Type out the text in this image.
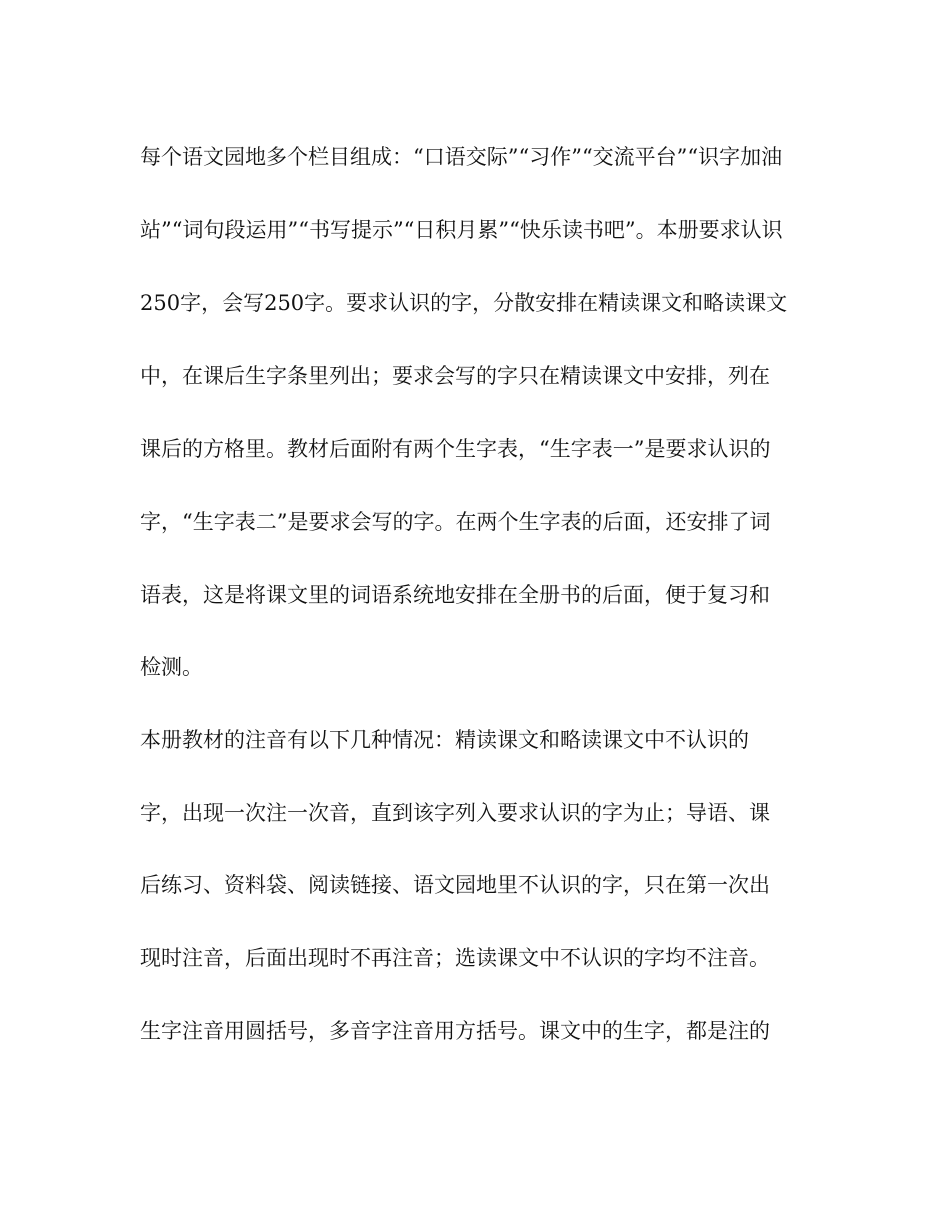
每个语文园地多个栏目组成：“口语交际”“习作”“交流平台”“识字加油
站”“词句段运用”“书写提示”“日积月累”“快乐读书吧”。本册要求认识
250字，会写250字。要求认识的字，分散安排在精读课文和略读课文
中，在课后生字条里列出；要求会写的字只在精读课文中安排，列在
课后的方格里。教材后面附有两个生字表，“生字表一”是要求认识的
字，“生字表二”是要求会写的字。在两个生字表的后面，还安排了词
语表，这是将课文里的词语系统地安排在全册书的后面，便于复习和
检测。
本册教材的注音有以下几种情况：精读课文和略读课文中不认识的
字，出现一次注一次音，直到该字列入要求认识的字为止；导语、课
后练习、资料袋、阅读链接、语文园地里不认识的字，只在第一次出
现时注音，后面出现时不再注音；选读课文中不认识的字均不注音。
生字注音用圆括号，多音字注音用方括号。课文中的生字，都是注的
